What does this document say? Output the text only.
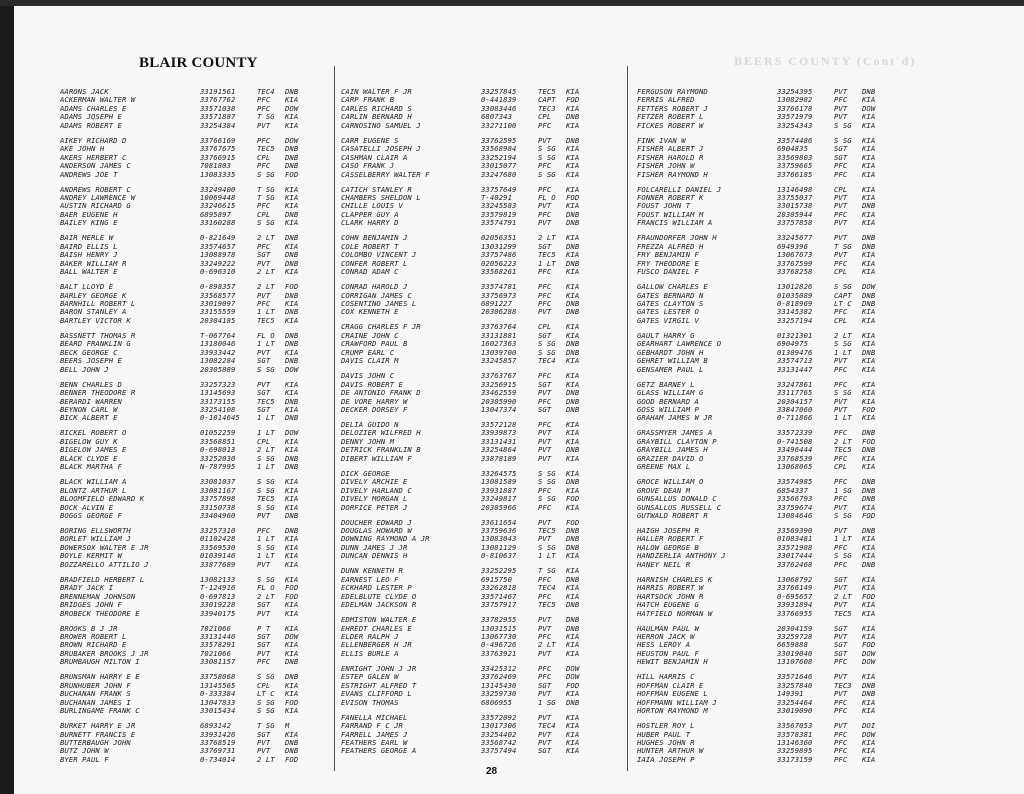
BLAIR COUNTY	BEERS COUNTY (Cont'd)
AARONS JACK	33191561	TEC4	DNB
ACKERMAN WALTER W	33767762	PFC	KIA
ADAMS CHARLES E	33571038	PFC	DOW
ADAMS JOSEPH E	33571887	T SG	KIA
ADAMS ROBERT E	33254384	PVT	KIA
AIKEY RICHARD D	33766169	PFC	DOW
AKE JOHN H	33767675	TEC5	DNB
AKERS HERBERT C	33766915	CPL	DNB
ANDERSON JAMES C	7081803	PFC	DNB
ANDREWS JOE T	13083335	S SG	FOD
ANDREWS ROBERT C	33249400	T SG	KIA
ANDREY LAWRENCE W	10069448	T SG	KIA
AUSTIN RICHARD G	33246615	PFC	KIA
BAER EUGENE H	6895897	CPL	DNB
BAILEY KING E	33160288	S SG	KIA
BAIR MERLE W	0-821649	2 LT	DNB
BAIRD ELLIS L	33574657	PFC	KIA
BAISH HENRY J	13088978	SGT	DNB
BAKER WILLIAM R	33249222	PVT	DNB
BALL WALTER E	0-696310	2 LT	KIA
BALT LLOYD E	0-898357	2 LT	FOD
BARLEY GEORGE K	33568577	PVT	DNB
BARNHILL ROBERT L	33019097	PFC	KIA
BARON STANLEY A	33155559	1 LT	DNB
BARTLEY VICTOR K	20304185	TEC5	KIA
BASSNETT THOMAS R	T-067764	FL O	DNB
BEARD FRANKLIN G	13180046	1 LT	DNB
BECK GEORGE C	33933442	PVT	KIA
BEERS JOSEPH E	13082284	SGT	DNB
BELL JOHN J	20305889	S SG	DOW
BENN CHARLES D	33257323	PVT	KIA
BENNER THEODORE R	13145693	SGT	KIA
BERARDI WARREN	33173155	TEC5	DNB
BEYNON CARL W	33254108	SGT	KIA
BICK ALBERT E	0-1014645	1 LT	DNB
BICKEL ROBERT O	01052259	1 LT	DOW
BIGELOW GUY K	33568851	CPL	KIA
BIGELOW JAMES E	0-698013	2 LT	KIA
BLACK CLYDE E	33252030	S SG	DNB
BLACK MARTHA F	N-787995	1 LT	DNB
BLACK WILLIAM A	33081037	S SG	KIA
BLONTZ ARTHUR L	33081167	S SG	KIA
BLOOMFIELD EDWARD K	33757898	TEC5	KIA
BOCK ALVIN E	33150738	S SG	KIA
BOGGS GEORGE F	33404960	PVT	DNB
BORING ELLSWORTH	33257310	PFC	DNB
BORLET WILLIAM J	01102428	1 LT	KIA
BOWERSOX WALTER E JR	33569530	S SG	KIA
BOYLE KERMIT W	01039146	1 LT	KIA
BOZZARELLO ATTILIO J	33877689	PVT	KIA
BRADFIELD HERBERT L	13082133	S SG	KIA
BRADY JACK I	T-124916	FL O	FOD
BRENNEMAN JOHNSON	0-697813	2 LT	FOD
BRIDGES JOHN F	33019228	SGT	KIA
BROBECK THEODORE E	33940175	PVT	KIA
BROOKS B J JR	7021066	P T	KIA
BROWER ROBERT L	33131446	SGT	DOW
BROWN RICHARD E	33578291	SGT	KIA
BRUBAKER BROOKS J JR	7021066	PVT	KIA
BRUMBAUGH MILTON I	33081157	PFC	DNB
BRUNSMAN HARRY E E	33758068	S SG	DNB
BRUNHUBER JOHN F	13145565	CPL	KIA
BUCHANAN FRANK S	0-333384	LT C	KIA
BUCHANAN JAMES I	13047833	S SG	FOD
BURLINGAME FRANK C	33015434	S SG	KIA
BURKET HARRY E JR	6893142	T SG	M
BURNETT FRANCIS E	33931426	SGT	KIA
BUTTERBAUGH JOHN	33768519	PVT	DNB
BUTZ JOHN W	33769731	PVT	DNB
BYER PAUL F	0-734014	2 LT	FOD
CAIN WALTER F JR	33257845	TEC5	KIA
CARP FRANK B	0-441839	CAPT	FOD
CARLES RICHARD S	33083446	TEC3	KIA
CARLIN BERNARD H	6807343	CPL	DNB
CARNOSINO SAMUEL J	33271100	PFC	KIA
CARR EUGENE S	33762595	PVT	DNB
CASATELLI JOSEPH J	33568984	S SG	KIA
CASHMAN CLAIR A	33252194	S SG	KIA
CASO FRANK J	33015077	PFC	KIA
CASSELBERRY WALTER F	33247680	S SG	KIA
CATICH STANLEY R	33757649	PFC	KIA
CHAMBERS SHELDON L	T-40291	FL O	FOD
CHILLE LOUIS V	33245583	PVT	KIA
CLAPPER GUY A	33579819	PFC	DNB
CLARK HARRY D	33574791	PVT	DNB
COHN BENJAMIN J	02056351	2 LT	KIA
COLE ROBERT T	13031299	SGT	DNB
COLOMBO VINCENT J	33757486	TEC5	KIA
CONFER ROBERT L	02056223	1 LT	DNB
CONRAD ADAM C	33568261	PFC	KIA
CONRAD HAROLD J	33574781	PFC	KIA
CORRIGAN JAMES C	33756973	PFC	KIA
COSENTINO JAMES L	6891227	PFC	DNB
COX KENNETH E	20306288	PVT	DNB
CRAGG CHARLES F JR	33763764	CPL	KIA
CRAINE JOHN C	33131881	SGT	KIA
CRAWFORD PAUL B	16027363	S SG	DNB
CRUMP EARL C	13039700	S SG	DNB
DAVIS CLAIR M	33245857	TEC4	KIA
DAVIS JOHN C	33763767	PFC	KIA
DAVIS ROBERT E	33256915	SGT	KIA
DE ANTONIO FRANK D	33462559	PVT	DNB
DE VORE HARRY W	20305990	PFC	DNB
DECKER DORSEY F	13047374	SGT	DNB
DELIA GUIDO N	33572128	PFC	KIA
DELOZIER WILFRED H	33939873	PVT	KIA
DENNY JOHN M	33131431	PVT	KIA
DETRICK FRANKLIN B	33254864	PVT	DNB
DIBERT WILLIAM F	33878189	PVT	KIA
DICK GEORGE	33264575	S SG	KIA
DIVELY ARCHIE E	13081589	S SG	DNB
DIVELY HARLAND C	33931887	PFC	KIA
DIVELY MORGAN L	33249817	S SG	FOD
DORFICE PETER J	20305966	PFC	KIA
DOUCHER EDWARD J	33611654	PVT	FOD
DOUGLAS HOWARD W	33759636	TEC5	DNB
DOWNING RAYMOND A JR	13083043	PVT	DNB
DUNN JAMES J JR	13081129	S SG	DNB
DUNCAN DENNIS H	0-810637	1 LT	KIA
DUNN KENNETH R	33252295	T SG	KIA
EARNEST LEO F	6915750	PFC	DNB
ECKHARD LESTER P	33262818	TEC4	KIA
EDELBLUTE CLYDE O	33571467	PFC	KIA
EDELMAN JACKSON R	33757917	TEC5	DNB
EDMISTON WALTER E	33782955	PVT	DNB
EHREDT CHARLES E	13031515	PVT	DNB
ELDER RALPH J	13067730	PFC	KIA
ELLENBERGER H JR	0-496726	2 LT	KIA
ELLIS BURLE A	33763921	PVT	KIA
ENRIGHT JOHN J JR	33425312	PFC	DOW
ESTEP GALEN W	33762469	PFC	DOW
ESTRIGHT ALFRED T	13145430	SGT	FOD
EVANS CLIFFORD L	33259730	PVT	KIA
EVISON THOMAS	6806955	1 SG	DNB
FANELLA MICHAEL	33572092	PVT	KIA
FARRAND F C JR	13017306	TEC4	KIA
FARRELL JAMES J	33254402	PVT	KIA
FEATHERS EARL W	33568742	PVT	KIA
FEATHERS GEORGE A	33757494	SGT	KIA
FERGUSON RAYMOND	33254395	PVT	DNB
FERRIS ALFRED	13082982	PFC	KIA
FETTERS ROBERT J	33766178	PVT	DOW
FETZER ROBERT L	33571979	PVT	KIA
FICKES ROBERT W	33254343	S SG	KIA
FINK IVAN W	33574486	S SG	KIA
FISHER ALBERT J	6904835	SGT	KIA
FISHER HAROLD R	33569803	SGT	KIA
FISHER JOHN W	33759665	PFC	KIA
FISHER RAYMOND H	33766185	PFC	KIA
FOLCARELLI DANIEL J	13146498	CPL	KIA
FONNER ROBERT K	33755037	PVT	KIA
FOUST JOHN T	33015738	PVT	DNB
FOUST WILLIAM M	20305944	PFC	KIA
FRANCIS WILLIAM A	33757858	PVT	KIA
FRAUNDORFER JOHN H	33245677	PVT	DNB
FREZZA ALFRED H	6949396	T SG	DNB
FRY BENJAMIN F	13067673	PVT	KIA
FRY THEODORE E	33767599	PFC	KIA
FUSCO DANIEL F	33768258	CPL	KIA
GALLOW CHARLES E	13012826	S SG	DOW
GATES BERNARD N	01035089	CAPT	DNB
GATES CLAYTON S	0-818969	LT C	DNB
GATES LESTER O	33145382	PFC	KIA
GATES VIRGIL V	33257194	CPL	KIA
GAULT HARRY G	01321301	2 LT	KIA
GEARHART LAWRENCE O	6904975	S SG	KIA
GEBHARDT JOHN H	01309476	1 LT	DNB
GEHRET WILLIAM B	33574713	PVT	KIA
GENSAMER PAUL L	33131447	PFC	KIA
GETZ BARNEY L	33247861	PFC	KIA
GLASS WILLIAM G	33117765	S SG	KIA
GOOD BERNARD A	20304157	PVT	KIA
GOSS WILLIAM P	33847060	PVT	FOD
GRAHAM JAMES W JR	0-711866	1 LT	KIA
GRASSMYER JAMES A	33572339	PFC	DNB
GRAYBILL CLAYTON P	0-741508	2 LT	FOD
GRAYBILL JAMES H	33496444	TEC5	DNB
GRAZIER DAVID O	33768539	PFC	KIA
GREENE MAX L	13068065	CPL	KIA
GROCE WILLIAM O	33574985	PFC	DNB
GROVE DEAN M	6854337	1 SG	DNB
GUNSALLUS DONALD C	33566793	PFC	DNB
GUNSALLUS RUSSELL C	33759674	PVT	KIA
GUTWALD ROBERT R	13084646	S SG	FOD
HAIGH JOSEPH R	33569390	PVT	DNB
HALLER ROBERT F	01083481	1 LT	KIA
HALOW GEORGE B	33571988	PFC	KIA
HANDZERLIA ANTHONY J	33017444	S SG	KIA
HANEY NEIL R	33762468	PFC	DNB
HARNISH CHARLES K	13068792	SGT	KIA
HARRIS ROBERT W	33766149	PVT	KIA
HARTSOCK JOHN R	0-695657	2 LT	FOD
HATCH EUGENE G	33931894	PVT	KIA
HATFIELD NORMAN W	33766955	TEC5	KIA
HAULMAN PAUL W	20304159	SGT	KIA
HERRON JACK W	33259728	PVT	KIA
HESS LEROY A	6659888	SGT	FOD
HEUSTON PAUL F	33019040	SGT	DOW
HEWIT BENJAMIN H	13107608	PFC	DOW
HILL HARRIS C	33571646	PVT	KIA
HOFFMAN CLAIR E	33257840	TEC3	DNB
HOFFMAN EUGENE L	149391	PVT	DNB
HOFFMANN WILLIAM J	33254464	PFC	KIA
HORTON RAYMOND M	33019090	PFC	KIA
HOSTLER ROY L	33567053	PVT	DOI
HUBER PAUL T	33578381	PFC	DOW
HUGHES JOHN R	13146360	PFC	KIA
HUNTER ARTHUR W	33259895	PFC	KIA
IAIA JOSEPH P	33173159	PFC	KIA
28
